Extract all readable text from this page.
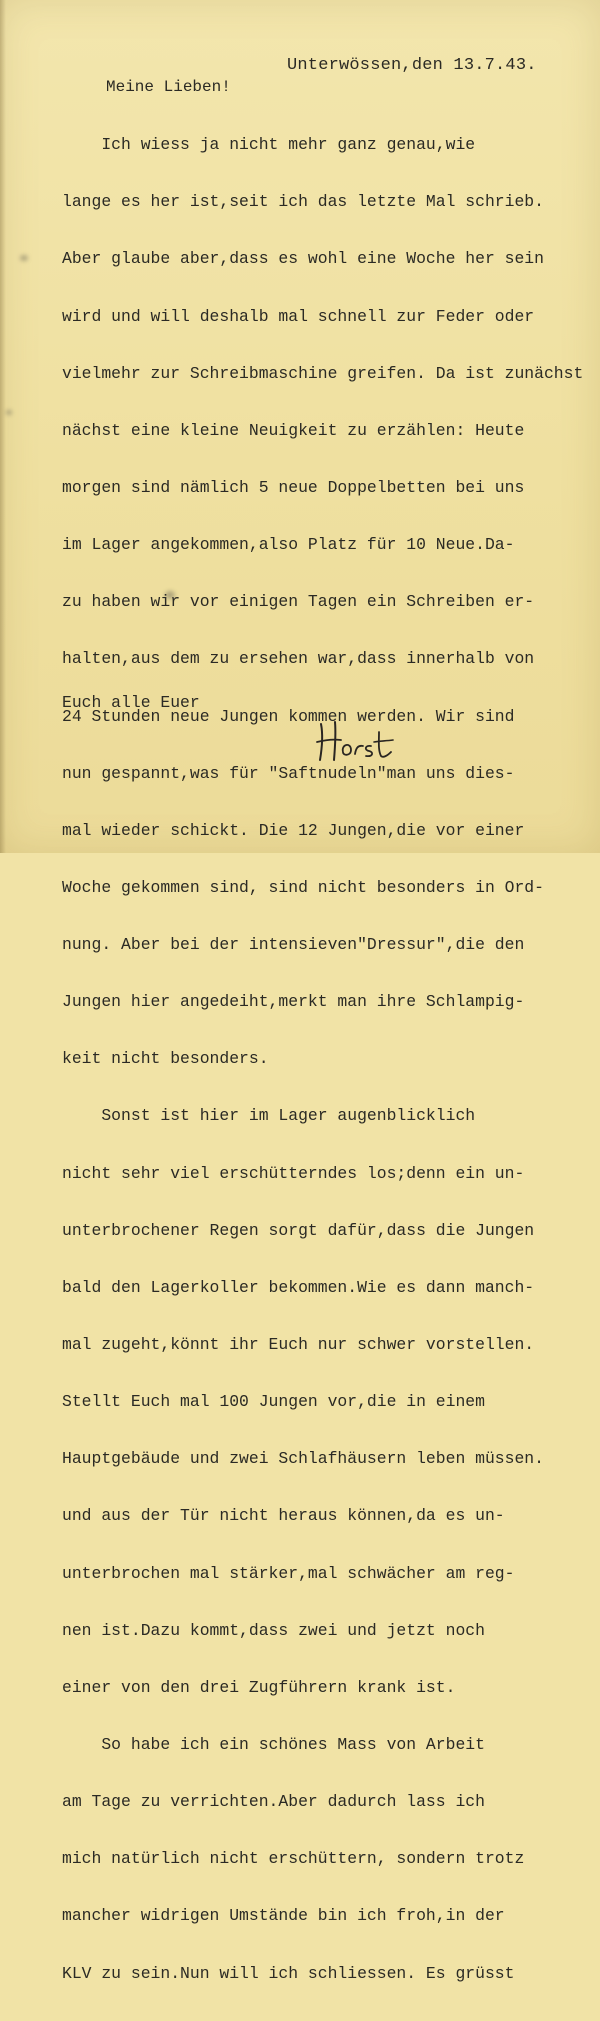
Unterwössen,den 13.7.43.
Meine Lieben!

Ich wiess ja nicht mehr ganz genau,wie

lange es her ist,seit ich das letzte Mal schrieb.

Aber glaube aber,dass es wohl eine Woche her sein

wird und will deshalb mal schnell zur Feder oder

vielmehr zur Schreibmaschine greifen. Da ist zunächst

nächst eine kleine Neuigkeit zu erzählen: Heute

morgen sind nämlich 5 neue Doppelbetten bei uns

im Lager angekommen,also Platz für 10 Neue.Da-

zu haben wir vor einigen Tagen ein Schreiben er-

halten,aus dem zu ersehen war,dass innerhalb von

24 Stunden neue Jungen kommen werden. Wir sind

nun gespannt,was für "Saftnudeln"man uns dies-

mal wieder schickt. Die 12 Jungen,die vor einer

Woche gekommen sind, sind nicht besonders in Ord-

nung. Aber bei der intensieven"Dressur",die den

Jungen hier angedeiht,merkt man ihre Schlampig-

keit nicht besonders.

Sonst ist hier im Lager augenblicklich

nicht sehr viel erschütterndes los;denn ein un-

unterbrochener Regen sorgt dafür,dass die Jungen

bald den Lagerkoller bekommen.Wie es dann manch-

mal zugeht,könnt ihr Euch nur schwer vorstellen.

Stellt Euch mal 100 Jungen vor,die in einem

Hauptgebäude und zwei Schlafhäusern leben müssen.

und aus der Tür nicht heraus können,da es un-

unterbrochen mal stärker,mal schwächer am reg-

nen ist.Dazu kommt,dass zwei und jetzt noch

einer von den drei Zugführern krank ist.

So habe ich ein schönes Mass von Arbeit

am Tage zu verrichten.Aber dadurch lass ich

mich natürlich nicht erschüttern, sondern trotz

mancher widrigen Umstände bin ich froh,in der

KLV zu sein.Nun will ich schliessen. Es grüsst

Euch alle Euer
